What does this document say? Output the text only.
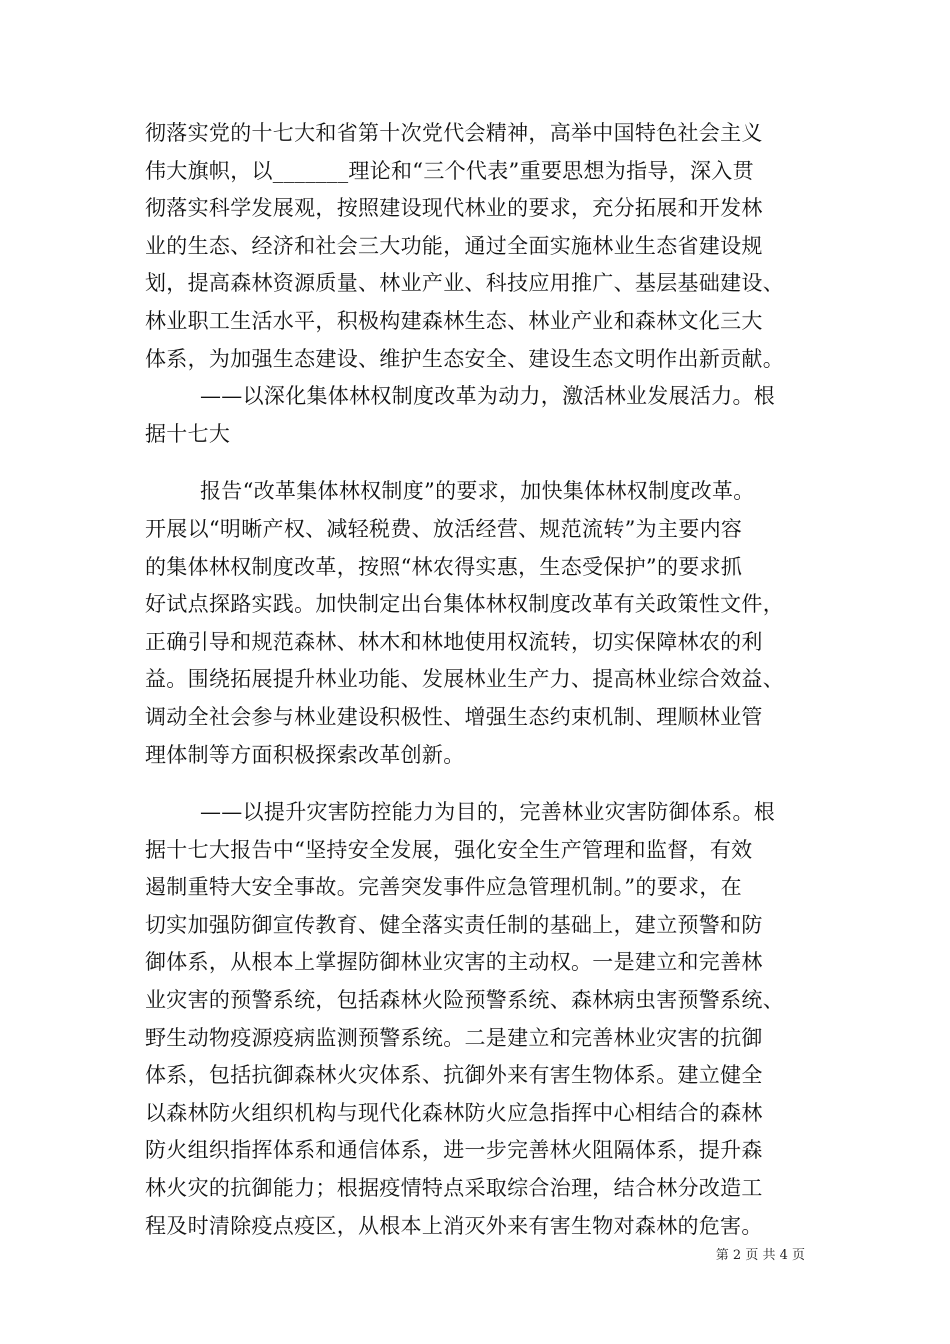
彻落实党的十七大和省第十次党代会精神，高举中国特色社会主义
伟大旗帜，以_______理论和“三个代表”重要思想为指导，深入贯
彻落实科学发展观，按照建设现代林业的要求，充分拓展和开发林
业的生态、经济和社会三大功能，通过全面实施林业生态省建设规
划，提高森林资源质量、林业产业、科技应用推广、基层基础建设、
林业职工生活水平，积极构建森林生态、林业产业和森林文化三大
体系，为加强生态建设、维护生态安全、建设生态文明作出新贡献。
——以深化集体林权制度改革为动力，激活林业发展活力。根
据十七大
报告“改革集体林权制度”的要求，加快集体林权制度改革。
开展以“明晰产权、减轻税费、放活经营、规范流转”为主要内容
的集体林权制度改革，按照“林农得实惠，生态受保护”的要求抓
好试点探路实践。加快制定出台集体林权制度改革有关政策性文件，
正确引导和规范森林、林木和林地使用权流转，切实保障林农的利
益。围绕拓展提升林业功能、发展林业生产力、提高林业综合效益、
调动全社会参与林业建设积极性、增强生态约束机制、理顺林业管
理体制等方面积极探索改革创新。
——以提升灾害防控能力为目的，完善林业灾害防御体系。根
据十七大报告中“坚持安全发展，强化安全生产管理和监督，有效
遏制重特大安全事故。完善突发事件应急管理机制。”的要求，在
切实加强防御宣传教育、健全落实责任制的基础上，建立预警和防
御体系，从根本上掌握防御林业灾害的主动权。一是建立和完善林
业灾害的预警系统，包括森林火险预警系统、森林病虫害预警系统、
野生动物疫源疫病监测预警系统。二是建立和完善林业灾害的抗御
体系，包括抗御森林火灾体系、抗御外来有害生物体系。建立健全
以森林防火组织机构与现代化森林防火应急指挥中心相结合的森林
防火组织指挥体系和通信体系，进一步完善林火阻隔体系，提升森
林火灾的抗御能力；根据疫情特点采取综合治理，结合林分改造工
程及时清除疫点疫区，从根本上消灭外来有害生物对森林的危害。
第 2 页 共 4 页
